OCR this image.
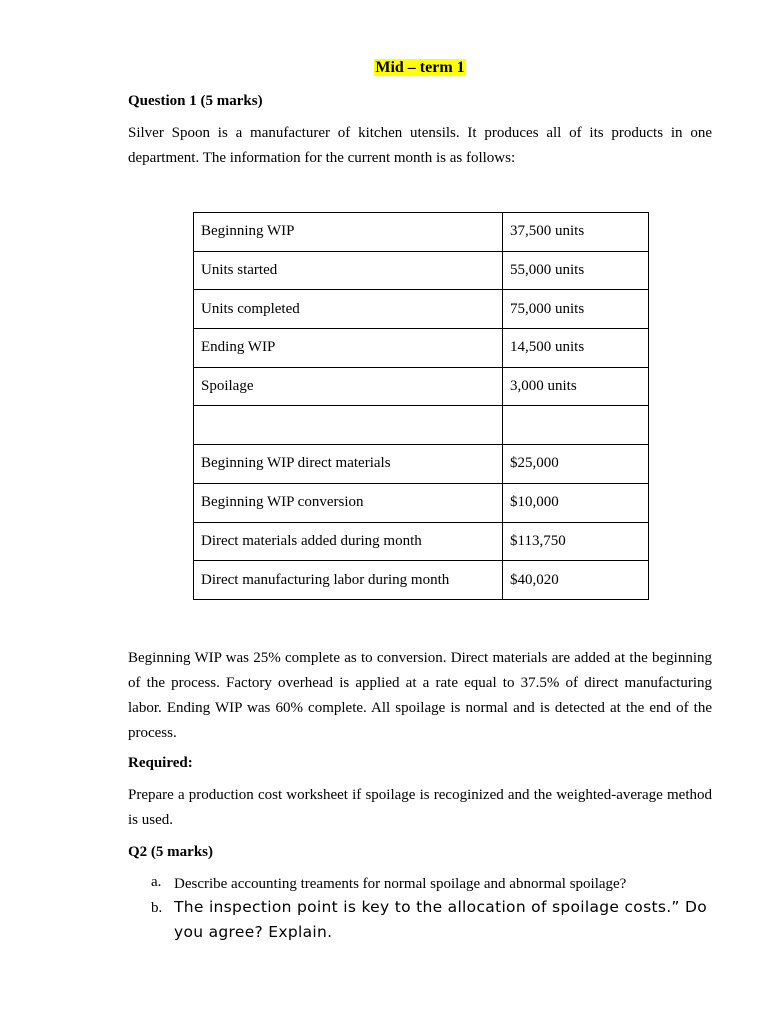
Mid – term 1
Question 1 (5 marks)
Silver Spoon is a manufacturer of kitchen utensils. It produces all of its products in one department. The information for the current month is as follows:
Beginning WIP	37,500 units
Units started	55,000 units
Units completed	75,000 units
Ending WIP	14,500 units
Spoilage	3,000 units

Beginning WIP direct materials	$25,000
Beginning WIP conversion	$10,000
Direct materials added during month	$113,750
Direct manufacturing labor during month	$40,020
Beginning WIP was 25% complete as to conversion. Direct materials are added at the beginning of the process. Factory overhead is applied at a rate equal to 37.5% of direct manufacturing labor. Ending WIP was 60% complete. All spoilage is normal and is detected at the end of the process.
Required:
Prepare a production cost worksheet if spoilage is recoginized and the weighted-average method is used.
Q2 (5 marks)
a. Describe accounting treaments for normal spoilage and abnormal spoilage?
b. The inspection point is key to the allocation of spoilage costs.” Do you agree? Explain.
